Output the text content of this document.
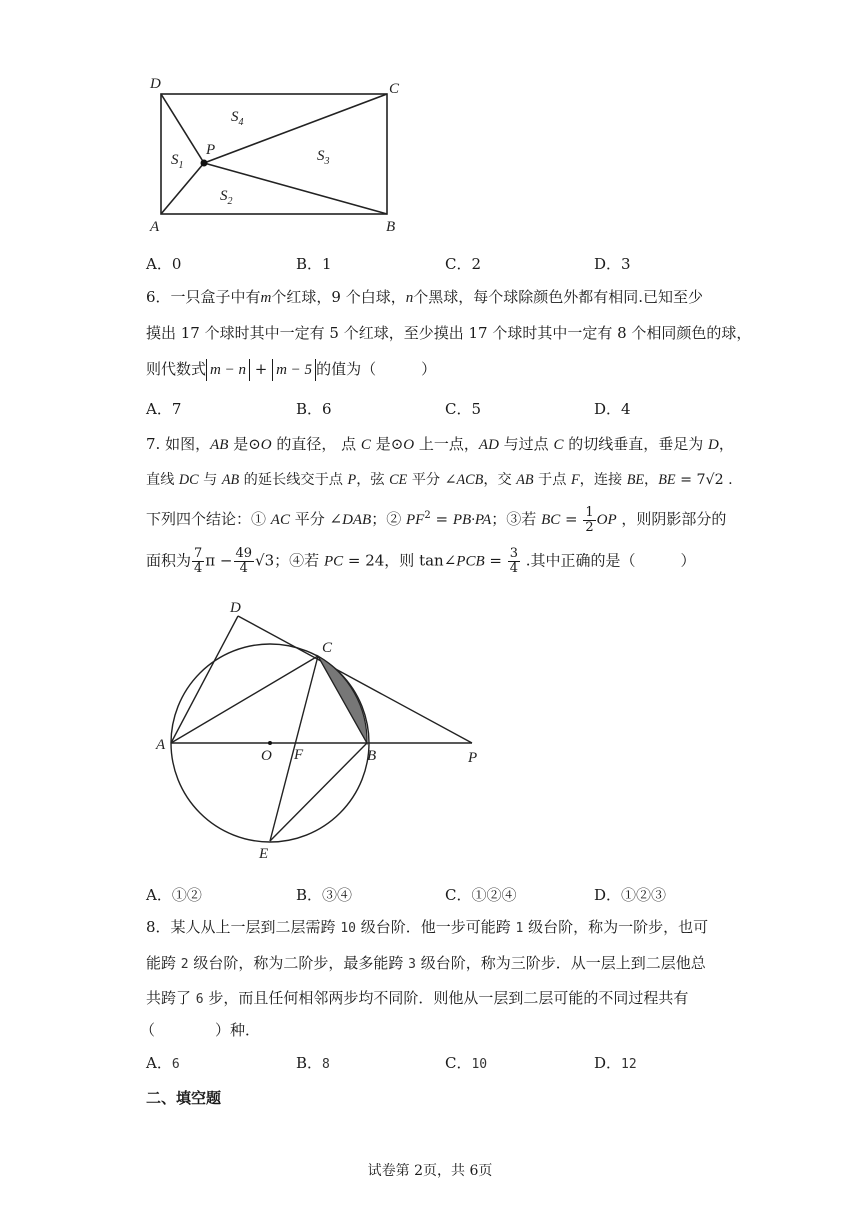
D	C
A	B
P
$S_1$
$S_2$
$S_3$
$S_4$
A．0	B．1	C．2	D．3
6．一只盒子中有m个红球，9 个白球，n个黑球，每个球除颜色外都有相同.已知至少
摸出 17 个球时其中一定有 5 个红球，至少摸出 17 个球时其中一定有 8 个相同颜色的球，
则代数式 m − n + m − 5 的值为（　　　）
A．7	B．6	C．5	D．4
7. 如图，AB 是⊙O 的直径， 点 C 是⊙O 上一点，AD 与过点 C 的切线垂直，垂足为 D，
直线 DC 与 AB 的延长线交于点 P，弦 CE 平分 ∠ACB，交 AB 于点 F，连接 BE，BE = 7√2 .
下列四个结论：① AC 平分 ∠DAB；② $PF^2 = PB\cdot PA$；③若 BC = $\frac{1}{2}$ OP ，则阴影部分的
面积为 $\frac{7}{4}$ $\pi - \frac{49}{4} √3$；④若 PC = 24，则 tan∠PCB = $\frac{3}{4}$ .其中正确的是（　　　）
D
C
A
O F	B	P
E
A．①②	B．③④	C．①②④	D．①②③
8．某人从上一层到二层需跨 10 级台阶．他一步可能跨 1 级台阶，称为一阶步，也可
能跨 2 级台阶，称为二阶步，最多能跨 3 级台阶，称为三阶步．从一层上到二层他总
共跨了 6 步，而且任何相邻两步均不同阶．则他从一层到二层可能的不同过程共有
（　　　　）种．
A．6	B．8	C．10	D．12
二、填空题
试卷第 2页，共 6页
